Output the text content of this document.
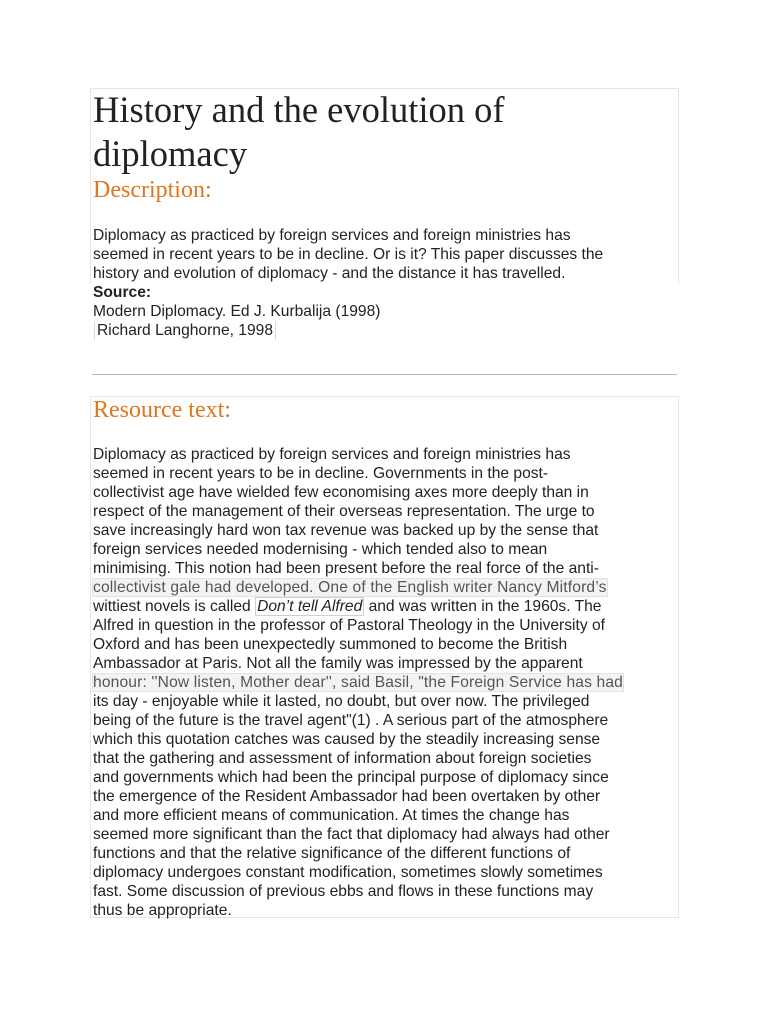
History and the evolution of diplomacy
Description:

Diplomacy as practiced by foreign services and foreign ministries has
seemed in recent years to be in decline. Or is it? This paper discusses the
history and evolution of diplomacy - and the distance it has travelled.

Source:

Modern Diplomacy. Ed J. Kurbalija (1998)

Richard Langhorne, 1998

Resource text:

Diplomacy as practiced by foreign services and foreign ministries has
seemed in recent years to be in decline. Governments in the post-
collectivist age have wielded few economising axes more deeply than in
respect of the management of their overseas representation. The urge to
save increasingly hard won tax revenue was backed up by the sense that
foreign services needed modernising - which tended also to mean
minimising. This notion had been present before the real force of the anti-
collectivist gale had developed. One of the English writer Nancy Mitford’s
wittiest novels is called Don’t tell Alfred and was written in the 1960s. The
Alfred in question in the professor of Pastoral Theology in the University of
Oxford and has been unexpectedly summoned to become the British
Ambassador at Paris. Not all the family was impressed by the apparent
honour: ''Now listen, Mother dear'', said Basil, "the Foreign Service has had
its day - enjoyable while it lasted, no doubt, but over now. The privileged
being of the future is the travel agent"(1) . A serious part of the atmosphere
which this quotation catches was caused by the steadily increasing sense
that the gathering and assessment of information about foreign societies
and governments which had been the principal purpose of diplomacy since
the emergence of the Resident Ambassador had been overtaken by other
and more efficient means of communication. At times the change has
seemed more significant than the fact that diplomacy had always had other
functions and that the relative significance of the different functions of
diplomacy undergoes constant modification, sometimes slowly sometimes
fast. Some discussion of previous ebbs and flows in these functions may
thus be appropriate.
